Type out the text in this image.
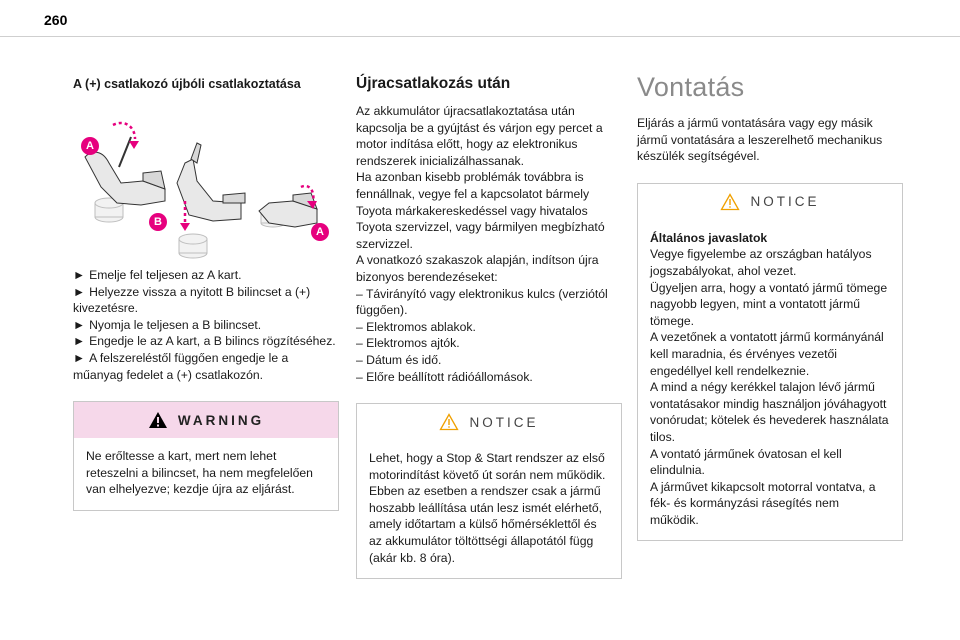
260

A (+) csatlakozó újbóli csatlakoztatása

A
B
A
► Emelje fel teljesen az A kart.
► Helyezze vissza a nyitott B bilincset a (+) kivezetésre.
► Nyomja le teljesen a B bilincset.
► Engedje le az A kart, a B bilincs rögzítéséhez.
► A felszereléstől függően engedje le a műanyag fedelet a (+) csatlakozón.
WARNING

Ne erőltesse a kart, mert nem lehet reteszelni a bilincset, ha nem megfelelően van elhelyezve; kezdje újra az eljárást.

Újracsatlakozás után

Az akkumulátor újracsatlakoztatása után kapcsolja be a gyújtást és várjon egy percet a motor indítása előtt, hogy az elektronikus rendszerek inicializálhassanak.
Ha azonban kisebb problémák továbbra is fennállnak, vegye fel a kapcsolatot bármely Toyota márkakereskedéssel vagy hivatalos Toyota szervizzel, vagy bármilyen megbízható szervizzel.
A vonatkozó szakaszok alapján, indítson újra bizonyos berendezéseket:
– Távirányító vagy elektronikus kulcs (verziótól függően).
– Elektromos ablakok.
– Elektromos ajtók.
– Dátum és idő.
– Előre beállított rádióállomások.

NOTICE

Lehet, hogy a Stop & Start rendszer az első motorindítást követő út során nem működik.
Ebben az esetben a rendszer csak a jármű hoszabb leállítása után lesz ismét elérhető, amely időtartam a külső hőmérséklettől és az akkumulátor töltöttségi állapotától függ (akár kb. 8 óra).

Vontatás

Eljárás a jármű vontatására vagy egy másik jármű vontatására a leszerelhető mechanikus készülék segítségével.

NOTICE

Általános javaslatok

Vegye figyelembe az országban hatályos jogszabályokat, ahol vezet.
Ügyeljen arra, hogy a vontató jármű tömege nagyobb legyen, mint a vontatott jármű tömege.
A vezetőnek a vontatott jármű kormányánál kell maradnia, és érvényes vezetői engedéllyel kell rendelkeznie.
A mind a négy kerékkel talajon lévő jármű vontatásakor mindig használjon jóváhagyott vonórudat; kötelek és hevederek használata tilos.
A vontató járműnek óvatosan el kell elindulnia.
A járművet kikapcsolt motorral vontatva, a fék- és kormányzási rásegítés nem működik.
